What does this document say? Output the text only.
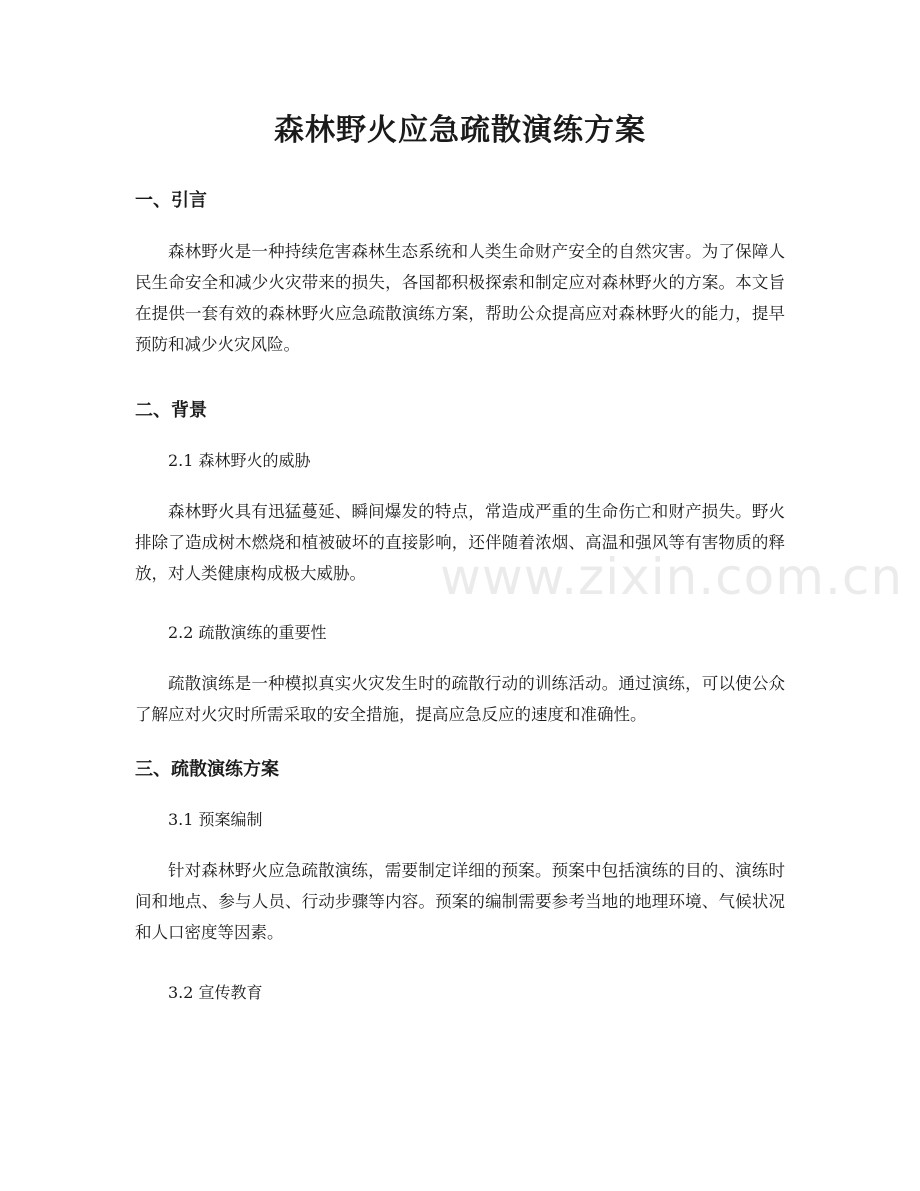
森林野火应急疏散演练方案
一、引言

森林野火是一种持续危害森林生态系统和人类生命财产安全的自然灾害。为了保障人民生命安全和减少火灾带来的损失，各国都积极探索和制定应对森林野火的方案。本文旨在提供一套有效的森林野火应急疏散演练方案，帮助公众提高应对森林野火的能力，提早预防和减少火灾风险。

二、背景

2.1 森林野火的威胁

森林野火具有迅猛蔓延、瞬间爆发的特点，常造成严重的生命伤亡和财产损失。野火排除了造成树木燃烧和植被破坏的直接影响，还伴随着浓烟、高温和强风等有害物质的释放，对人类健康构成极大威胁。

2.2 疏散演练的重要性

疏散演练是一种模拟真实火灾发生时的疏散行动的训练活动。通过演练，可以使公众了解应对火灾时所需采取的安全措施，提高应急反应的速度和准确性。

三、疏散演练方案

3.1 预案编制

针对森林野火应急疏散演练，需要制定详细的预案。预案中包括演练的目的、演练时间和地点、参与人员、行动步骤等内容。预案的编制需要参考当地的地理环境、气候状况和人口密度等因素。

3.2 宣传教育

www.zixin.com.cn
